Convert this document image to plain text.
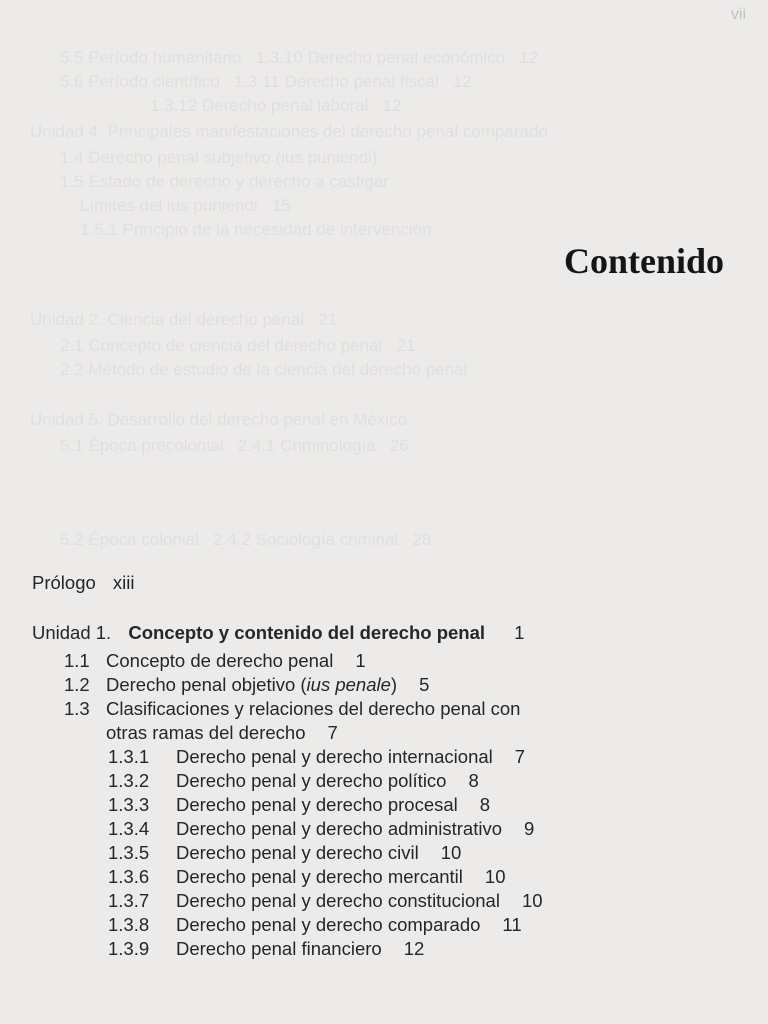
vii
5.5 Período humanitario   1.3.10 Derecho penal económico   12
5.6 Período científico   1.3.11 Derecho penal fiscal   12
1.3.12 Derecho penal laboral   12
Unidad 4. Principales manifestaciones del derecho penal comparado
1.4 Derecho penal subjetivo (ius puniendi)
1.5 Estado de derecho y derecho a castigar
Límites del ius puniendi   15
1.5.1 Principio de la necesidad de intervención
Unidad 2. Ciencia del derecho penal   21
2.1 Concepto de ciencia del derecho penal   21
2.2 Método de estudio de la ciencia del derecho penal
Unidad 5. Desarrollo del derecho penal en México
5.1 Época precolonial   2.4.1 Criminología   26
5.2 Época colonial   2.4.2 Sociología criminal   28
Contenido
Prólogo xiii
Unidad 1. Concepto y contenido del derecho penal 1
1.1 Concepto de derecho penal 1
1.2 Derecho penal objetivo (ius penale) 5
1.3 Clasificaciones y relaciones del derecho penal con
otras ramas del derecho 7
1.3.1 Derecho penal y derecho internacional 7
1.3.2 Derecho penal y derecho político 8
1.3.3 Derecho penal y derecho procesal 8
1.3.4 Derecho penal y derecho administrativo 9
1.3.5 Derecho penal y derecho civil 10
1.3.6 Derecho penal y derecho mercantil 10
1.3.7 Derecho penal y derecho constitucional 10
1.3.8 Derecho penal y derecho comparado 11
1.3.9 Derecho penal financiero 12
